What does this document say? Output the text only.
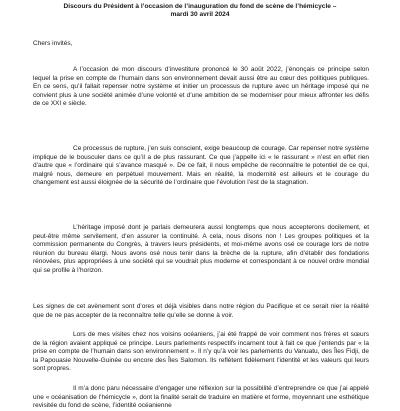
Discours du Président à l’occasion de l’inauguration du fond de scène de l’hémicycle –
mardi 30 avril 2024
Chers invités,

A l’occasion de mon discours d’investiture prononcé le 30 août 2022, j’énonçais ce principe selon lequel la prise en compte de l’humain dans son environnement devait aussi être au cœur des politiques publiques. En ce sens, qu’il fallait repenser notre système et initier un processus de rupture avec un héritage imposé qui ne convient plus à une société animée d’une volonté et d’une ambition de se moderniser pour mieux affronter les défis de ce XXI e siècle.

Ce processus de rupture, j’en suis conscient, exige beaucoup de courage. Car repenser notre système implique de le bousculer dans ce qu’il a de plus rassurant. Ce que j’appelle ici « le rassurant » n’est en effet rien d’autre que « l’ordinaire qui s’avance masqué ». De ce fait, il nous empêche de reconnaître le potentiel de ce qui, malgré nous, demeure en perpétuel mouvement. Mais en réalité, la modernité est ailleurs et le courage du changement est aussi éloignée de la sécurité de l’ordinaire que l’évolution l’est de la stagnation.

L’héritage imposé dont je parlais demeurera aussi longtemps que nous accepterons docilement, et peut-être même servilement, d’en assurer la continuité. A cela, nous disons non ! Les groupes politiques et la commission permanente du Congrès, à travers leurs présidents, et moi-même avons osé ce courage lors de notre réunion du bureau élargi. Nous avons osé nous tenir dans la brèche de la rupture, afin d’établir des fondations rénovées, plus appropriées à une société qui se voudrait plus moderne et correspondant à ce nouvel ordre mondial qui se profile à l’horizon.

Les signes de cet avènement sont d’ores et déjà visibles dans notre région du Pacifique et ce serait nier la réalité que de ne pas accepter de la reconnaître telle qu’elle se donne à voir.

Lors de mes visites chez nos voisins océaniens, j’ai été frappé de voir comment nos frères et sœurs de la région avaient appliqué ce principe. Leurs parlements respectifs incarnent tout à fait ce que j’entends par « la prise en compte de l’humain dans son environnement ». Il n’y qu’à voir les parlements du Vanuatu, des Îles Fidji, de la Papouasie Nouvelle-Guinée ou encore des Îles Salomon. Ils reflètent fidèlement l’identité et les valeurs qui leurs sont propres.

Il m’a donc paru nécessaire d’engager une réflexion sur la possibilité d’entreprendre ce que j’ai appelé une « océanisation de l’hémicycle », dont la finalité serait de traduire en matière et forme, moyennant une esthétique revisitée du fond de scène, l’identité océanienne
